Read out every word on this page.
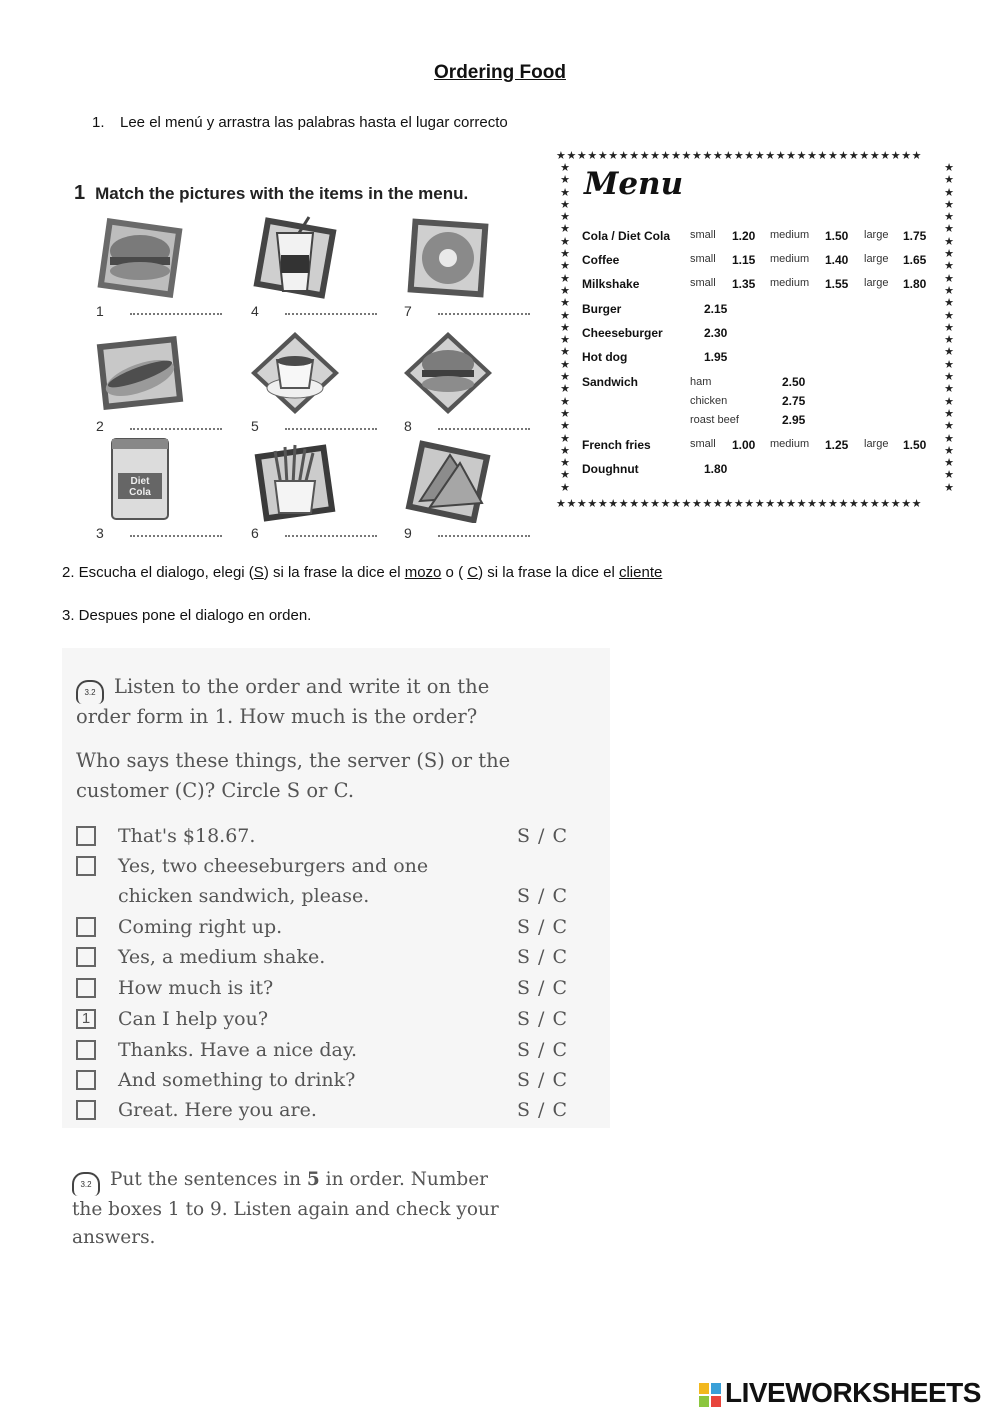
Ordering Food
1. Lee el menú y arrastra las palabras hasta el lugar correcto
1 Match the pictures with the items in the menu.
1
2
Diet
Cola
3
4
5
6
7
8
9
★★★★★★★★★★★★★★★★★★★★★★★★★★★★★★★★★★★
★★★★★★★★★★★★★★★★★★★★★★★★★★★★★★★★★★★
★
★
★
★
★
★
★
★
★
★
★
★
★
★
★
★
★
★
★
★
★
★
★
★
★
★
★
★
★
★
★
★
★
★
★
★
★
★
★
★
★
★
★
★
★
★
★
★
★
★
★
★
★
★
Menu
Cola / Diet Cola small 1.20 medium 1.50 large 1.75
Coffee	small 1.15 medium 1.40 large 1.65
Milkshake	small 1.35 medium 1.55 large 1.80
Burger	2.15
Cheeseburger	2.30
Hot dog	1.95
Sandwich	ham	2.50
chicken	2.75
roast beef	2.95
French fries	small 1.00 medium 1.25 large 1.50
Doughnut	1.80
2. Escucha el dialogo, elegi (S) si la frase la dice el mozo o ( C) si la frase la dice el cliente
3. Despues pone el dialogo en orden.
3.2 Listen to the order and write it on the
order form in 1. How much is the order?
Who says these things, the server (S) or the
customer (C)? Circle S or C.
That's $18.67.	S / C
Yes, two cheeseburgers and one
chicken sandwich, please.	S / C
Coming right up.	S / C
Yes, a medium shake.	S / C
How much is it?	S / C
1	Can I help you?	S / C
Thanks. Have a nice day.	S / C
And something to drink?	S / C
Great. Here you are.	S / C

3.2 Put the sentences in 5 in order. Number

the boxes 1 to 9. Listen again and check your

answers.

LIVEWORKSHEETS
